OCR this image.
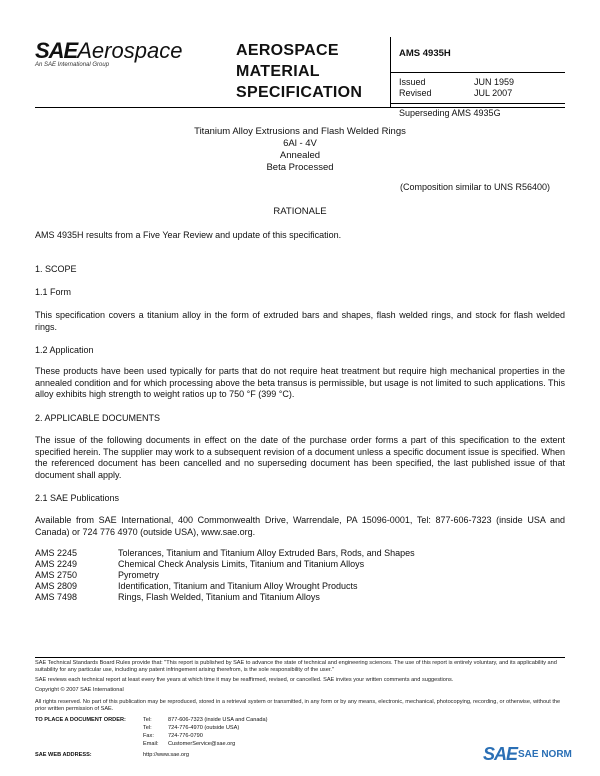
SAEAerospace
An SAE International Group
AEROSPACE
MATERIAL
SPECIFICATION
AMS 4935H
Issued	JUN 1959
Revised	JUL 2007
Superseding AMS 4935G
Titanium Alloy Extrusions and Flash Welded Rings
6Al - 4V
Annealed
Beta Processed
(Composition similar to UNS R56400)
RATIONALE
AMS 4935H results from a Five Year Review and update of this specification.
1. SCOPE
1.1 Form
This specification covers a titanium alloy in the form of extruded bars and shapes, flash welded rings, and stock for flash welded rings.
1.2 Application
These products have been used typically for parts that do not require heat treatment but require high mechanical properties in the annealed condition and for which processing above the beta transus is permissible, but usage is not limited to such applications. This alloy exhibits high strength to weight ratios up to 750 °F (399 °C).
2. APPLICABLE DOCUMENTS
The issue of the following documents in effect on the date of the purchase order forms a part of this specification to the extent specified herein. The supplier may work to a subsequent revision of a document unless a specific document issue is specified. When the referenced document has been cancelled and no superseding document has been specified, the last published issue of that document shall apply.
2.1 SAE Publications
Available from SAE International, 400 Commonwealth Drive, Warrendale, PA 15096-0001, Tel: 877-606-7323 (inside USA and Canada) or 724 776 4970 (outside USA), www.sae.org.
AMS 2245	Tolerances, Titanium and Titanium Alloy Extruded Bars, Rods, and Shapes
AMS 2249	Chemical Check Analysis Limits, Titanium and Titanium Alloys
AMS 2750	Pyrometry
AMS 2809	Identification, Titanium and Titanium Alloy Wrought Products
AMS 7498	Rings, Flash Welded, Titanium and Titanium Alloys
SAE Technical Standards Board Rules provide that: "This report is published by SAE to advance the state of technical and engineering sciences. The use of this report is entirely voluntary, and its applicability and suitability for any particular use, including any patent infringement arising therefrom, is the sole responsibility of the user."
SAE reviews each technical report at least every five years at which time it may be reaffirmed, revised, or cancelled. SAE invites your written comments and suggestions.
Copyright © 2007 SAE International
All rights reserved. No part of this publication may be reproduced, stored in a retrieval system or transmitted, in any form or by any means, electronic, mechanical, photocopying, recording, or otherwise, without the prior written permission of SAE.
TO PLACE A DOCUMENT ORDER:	Tel:	877-606-7323 (inside USA and Canada)
Tel:	724-776-4970 (outside USA)
Fax:	724-776-0790
Email: CustomerService@sae.org
SAE WEB ADDRESS:	http://www.sae.org	SAE SAE NORM
